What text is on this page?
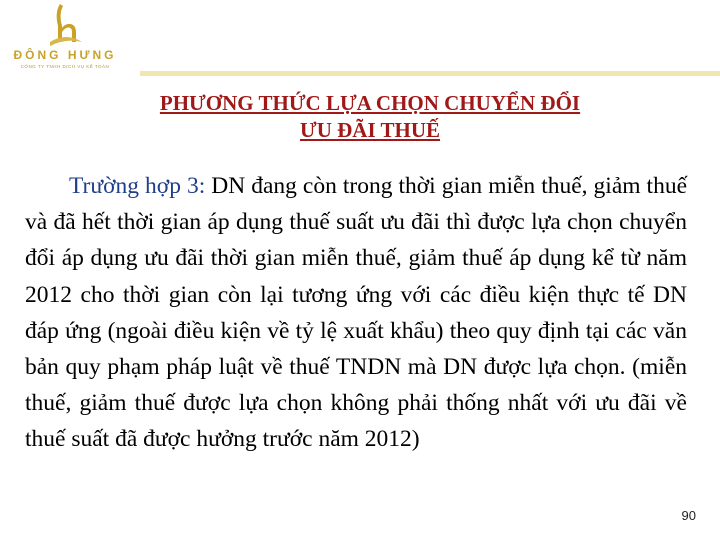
ĐÔNG HƯNG
CÔNG TY TNHH DỊCH VỤ KẾ TOÁN
PHƯƠNG THỨC LỰA CHỌN CHUYỂN ĐỔI
ƯU ĐÃI THUẾ
Trường hợp 3: DN đang còn trong thời gian miễn thuế, giảm thuế và đã hết thời gian áp dụng thuế suất ưu đãi thì được lựa chọn chuyển đổi áp dụng ưu đãi thời gian miễn thuế, giảm thuế áp dụng kể từ năm 2012 cho thời gian còn lại tương ứng với các điều kiện thực tế DN đáp ứng (ngoài điều kiện về tỷ lệ xuất khẩu) theo quy định tại các văn bản quy phạm pháp luật về thuế TNDN mà DN được lựa chọn. (miễn thuế, giảm thuế được lựa chọn không phải thống nhất với ưu đãi về thuế suất đã được hưởng trước năm 2012)
90
